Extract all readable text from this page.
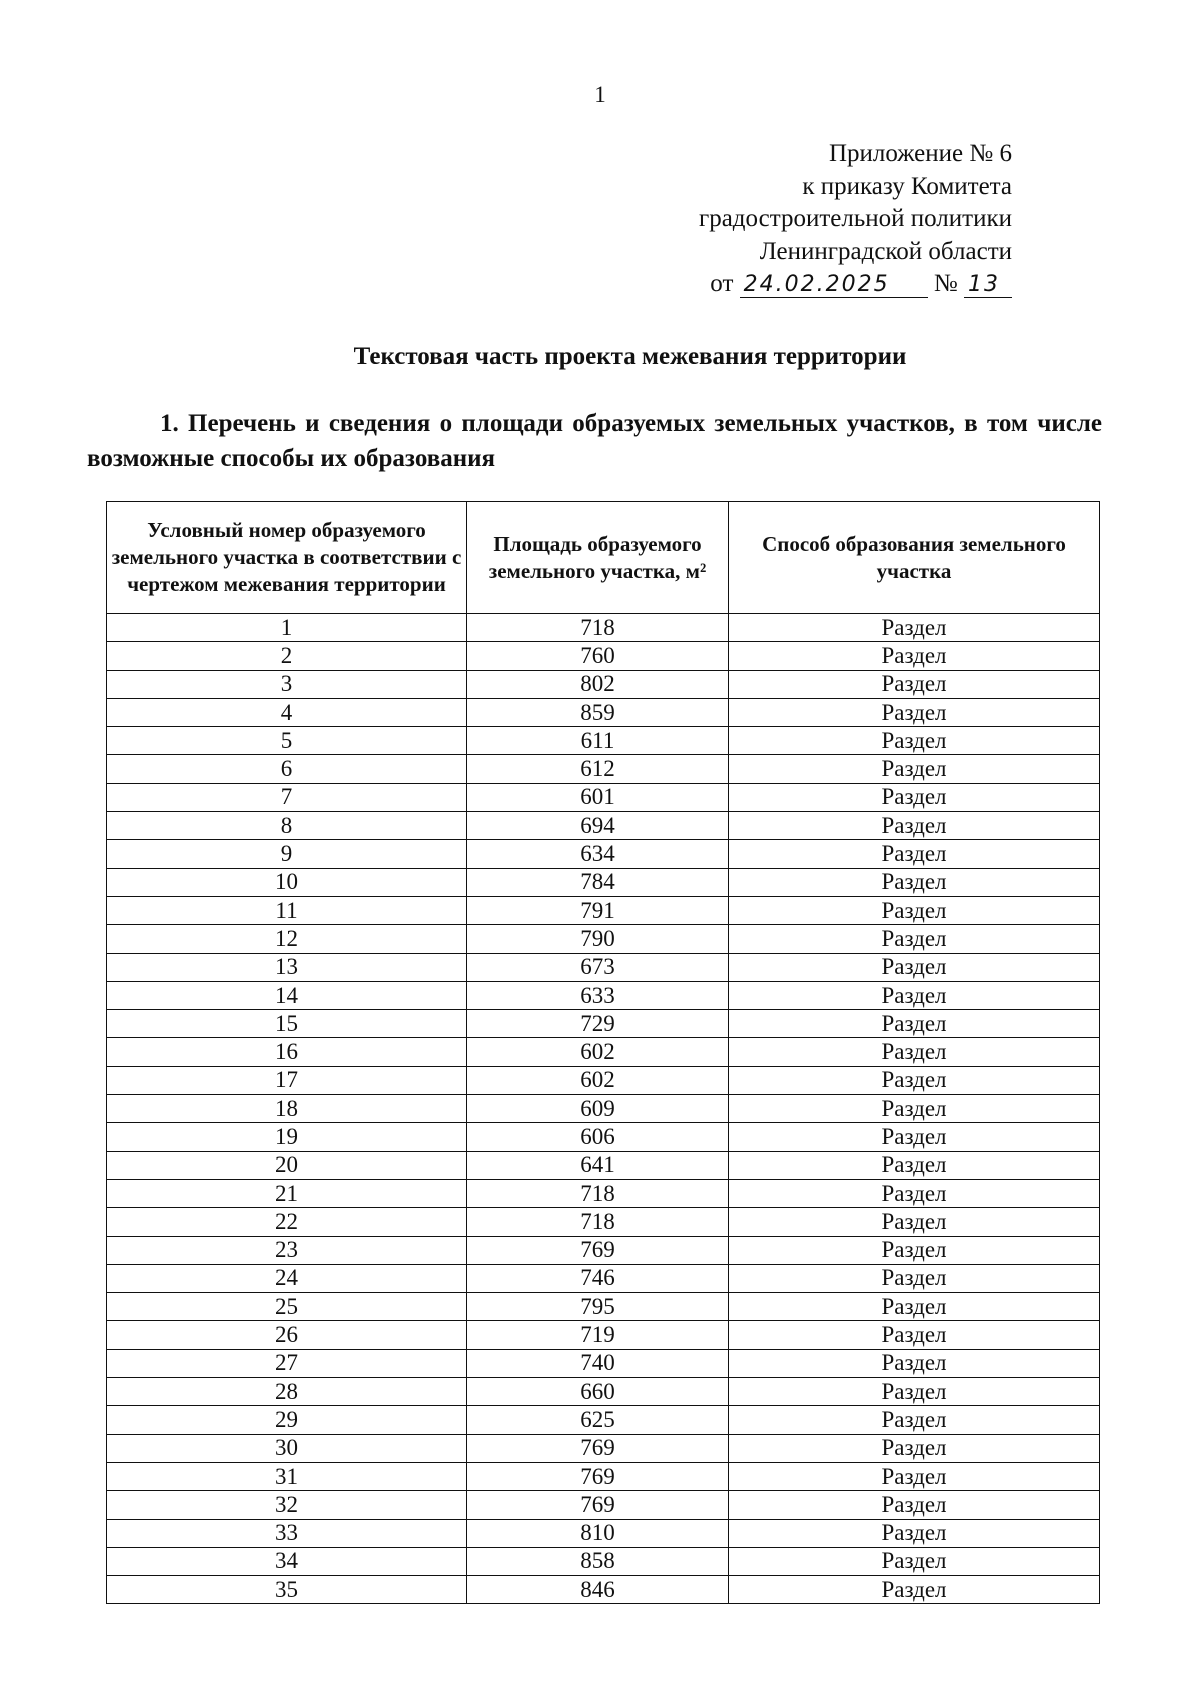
1
Приложение № 6
к приказу Комитета
градостроительной политики
Ленинградской области
от 24.02.2025 № 13
Текстовая часть проекта межевания территории
1. Перечень и сведения о площади образуемых земельных участков, в том числе возможные способы их образования
Условный номер образуемого земельного участка в соответствии с чертежом межевания территории	Площадь образуемого земельного участка, м²	Способ образования земельного участка
1	718	Раздел
2	760	Раздел
3	802	Раздел
4	859	Раздел
5	611	Раздел
6	612	Раздел
7	601	Раздел
8	694	Раздел
9	634	Раздел
10	784	Раздел
11	791	Раздел
12	790	Раздел
13	673	Раздел
14	633	Раздел
15	729	Раздел
16	602	Раздел
17	602	Раздел
18	609	Раздел
19	606	Раздел
20	641	Раздел
21	718	Раздел
22	718	Раздел
23	769	Раздел
24	746	Раздел
25	795	Раздел
26	719	Раздел
27	740	Раздел
28	660	Раздел
29	625	Раздел
30	769	Раздел
31	769	Раздел
32	769	Раздел
33	810	Раздел
34	858	Раздел
35	846	Раздел
